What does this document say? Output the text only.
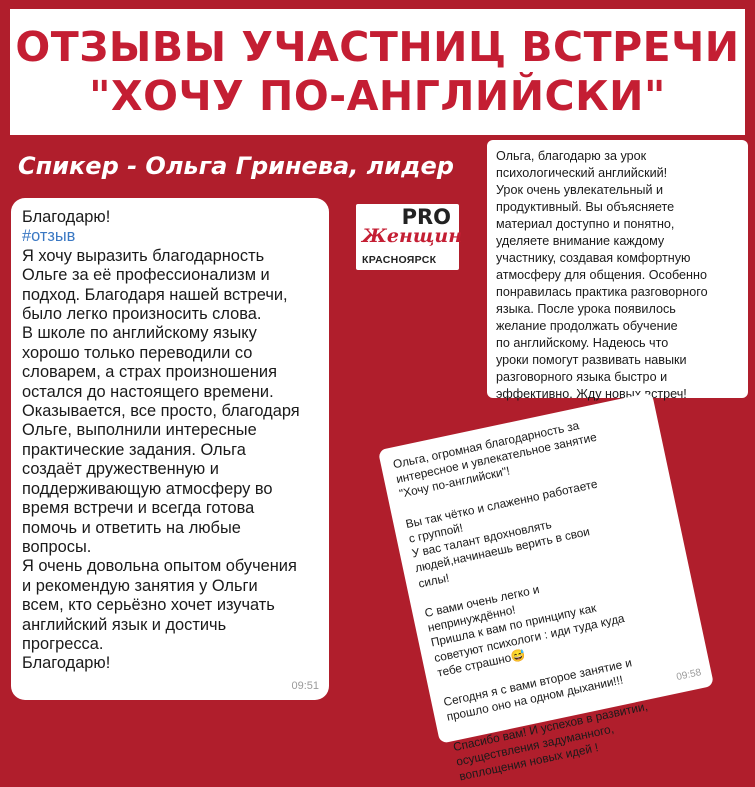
ОТЗЫВЫ УЧАСТНИЦ ВСТРЕЧИ
"ХОЧУ ПО-АНГЛИЙСКИ"
Спикер - Ольга Гринева, лидер
PRO
Женщин
КРАСНОЯРСК
Благодарю!
#отзыв
Я хочу выразить благодарность
Ольге за её профессионализм и
подход. Благодаря нашей встречи,
было легко произносить слова.
В школе по английскому языку
хорошо только переводили со
словарем, а страх произношения
остался до настоящего времени.
Оказывается, все просто, благодаря
Ольге, выполнили интересные
практические задания. Ольга
создаёт дружественную и
поддерживающую атмосферу во
время встречи и всегда готова
помочь и ответить на любые
вопросы.
Я очень довольна опытом обучения
и рекомендую занятия у Ольги
всем, кто серьёзно хочет изучать
английский язык и достичь
прогресса.
Благодарю!
09:51
Ольга, благодарю за урок
психологический английский!
Урок очень увлекательный и
продуктивный. Вы объясняете
материал доступно и понятно,
уделяете внимание каждому
участнику, создавая комфортную
атмосферу для общения. Особенно
понравилась практика разговорного
языка. После урока появилось
желание продолжать обучение
по английскому. Надеюсь что
уроки помогут развивать навыки
разговорного языка быстро и
эффективно. Жду новых встреч!
Ольга, огромная благодарность за
интересное и увлекательное занятие
"Хочу по-английски"!

Вы так чётко и слаженно работаете
с группой!
У вас талант вдохновлять
людей,начинаешь верить в свои
силы!

С вами очень легко и
непринуждённо!
Пришла к вам по принципу как
советуют психологи : иди туда куда
тебе страшно😅

Сегодня я с вами второе занятие и
прошло оно на одном дыхании!!!

Спасибо вам! И успехов в развитии,
осуществления задуманного,
воплощения новых идей !
09:58
